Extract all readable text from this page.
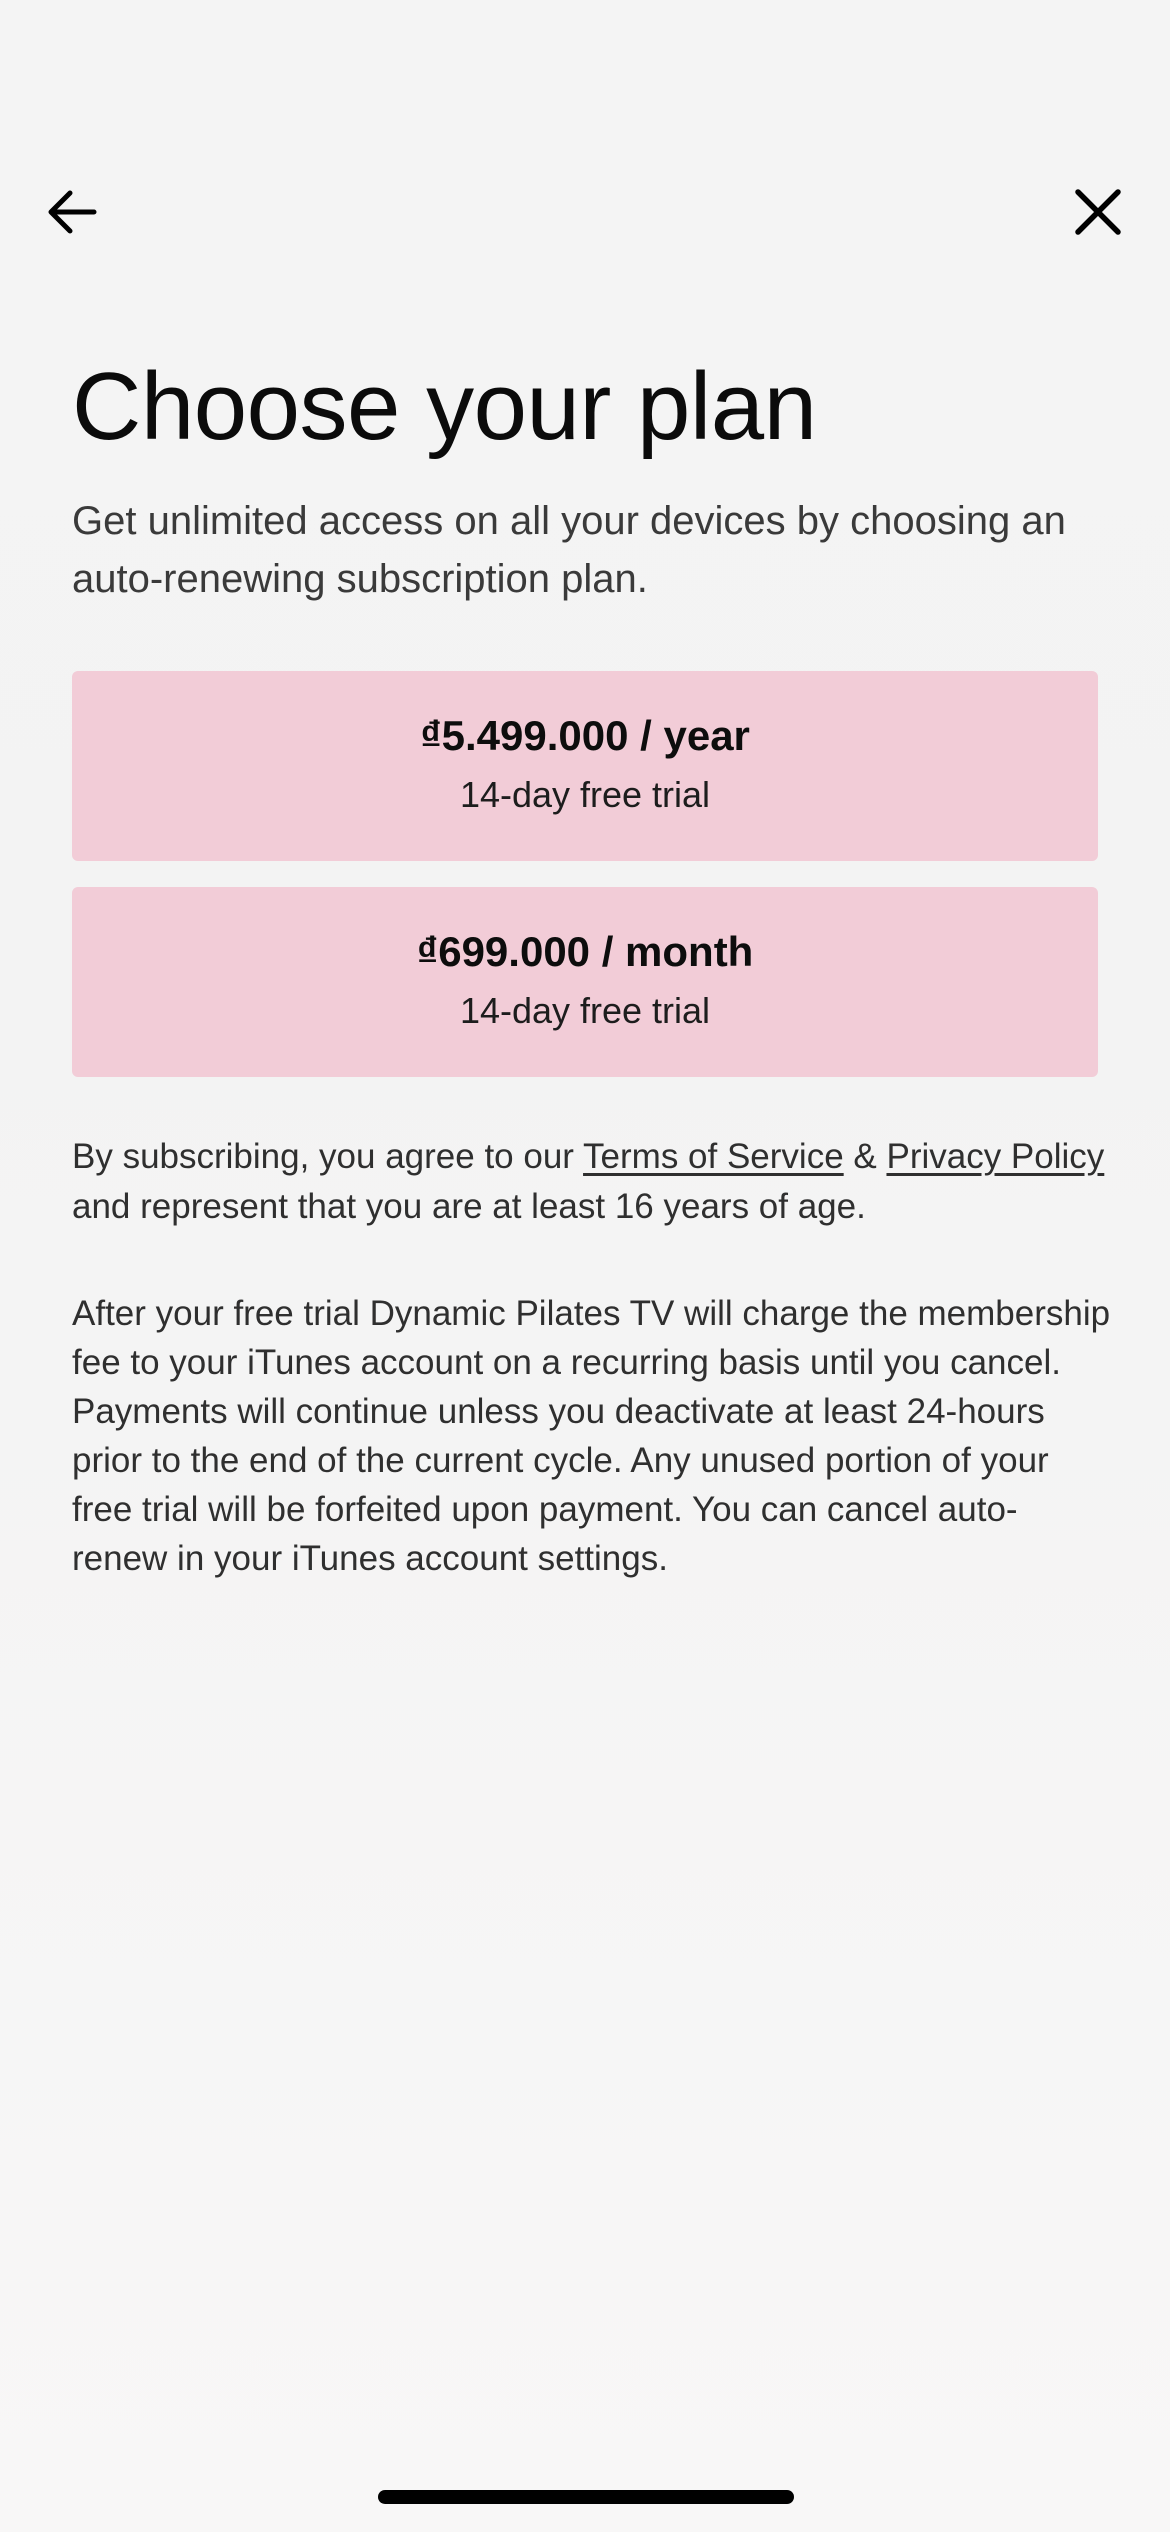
Choose your plan

Get unlimited access on all your devices by choosing an auto-renewing subscription plan.

₫5.499.000 / year
14-day free trial
₫699.000 / month
14-day free trial

By subscribing, you agree to our Terms of Service & Privacy Policy and represent that you are at least 16 years of age.

After your free trial Dynamic Pilates TV will charge the membership fee to your iTunes account on a recurring basis until you cancel. Payments will continue unless you deactivate at least 24-hours prior to the end of the current cycle. Any unused portion of your free trial will be forfeited upon payment. You can cancel auto-renew in your iTunes account settings.
